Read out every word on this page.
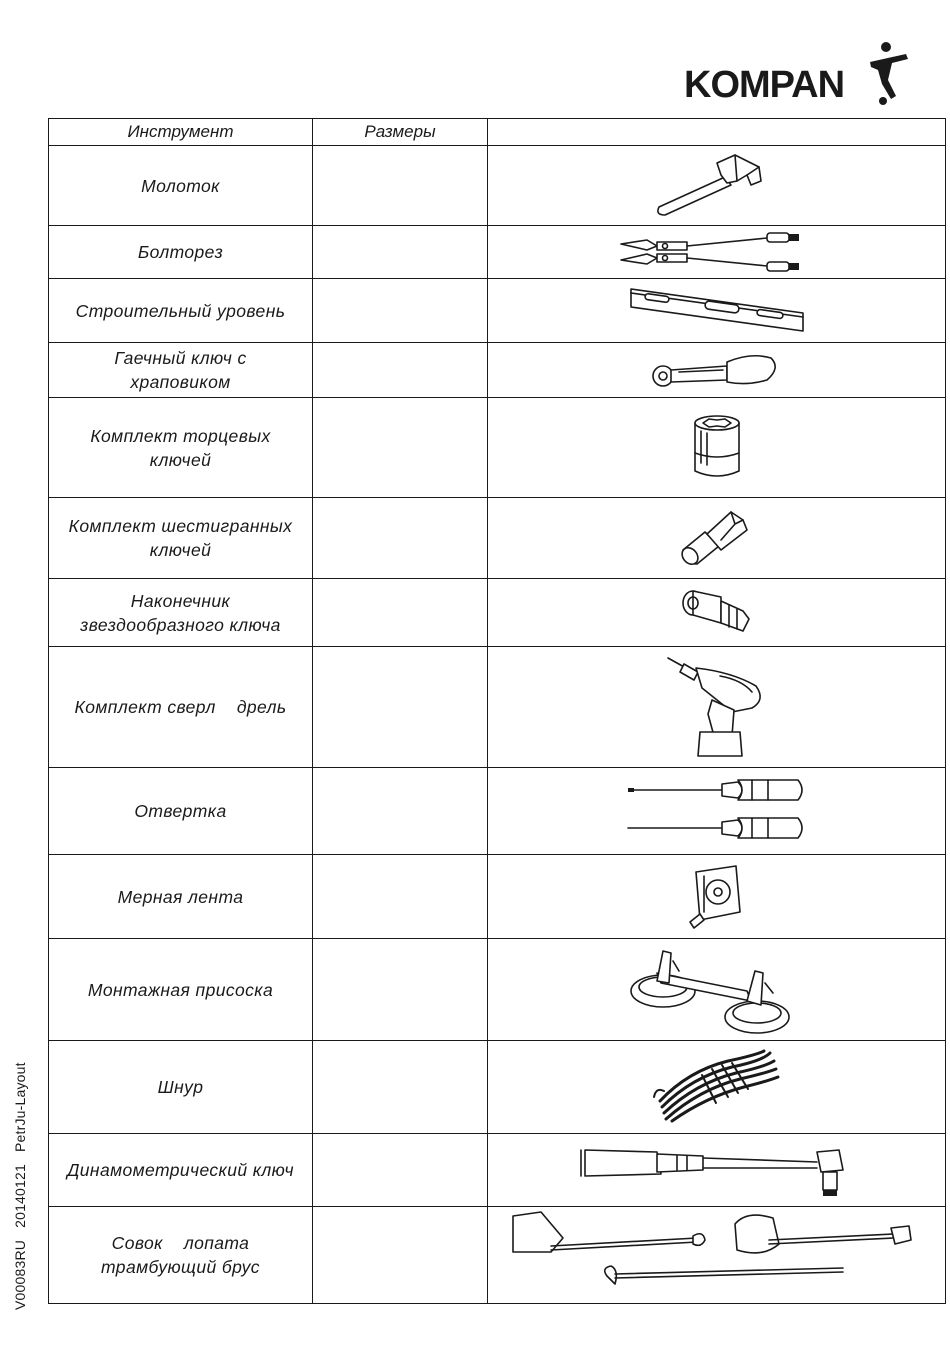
KOMPAN
V00083RU20140121PetrJu-Layout
Инструмент	Размеры	

Молоток

Болторез

Строительный уровень

Гаечный ключ с
храповиком

Комплект торцевых
ключей

Комплект шестигранных
ключей

Наконечник
звездообразного ключа

Комплект сверл    дрель

Отвертка

Мерная лента

Монтажная присоска

Шнур

Динамометрический ключ

Совок    лопата
трамбующий брус
